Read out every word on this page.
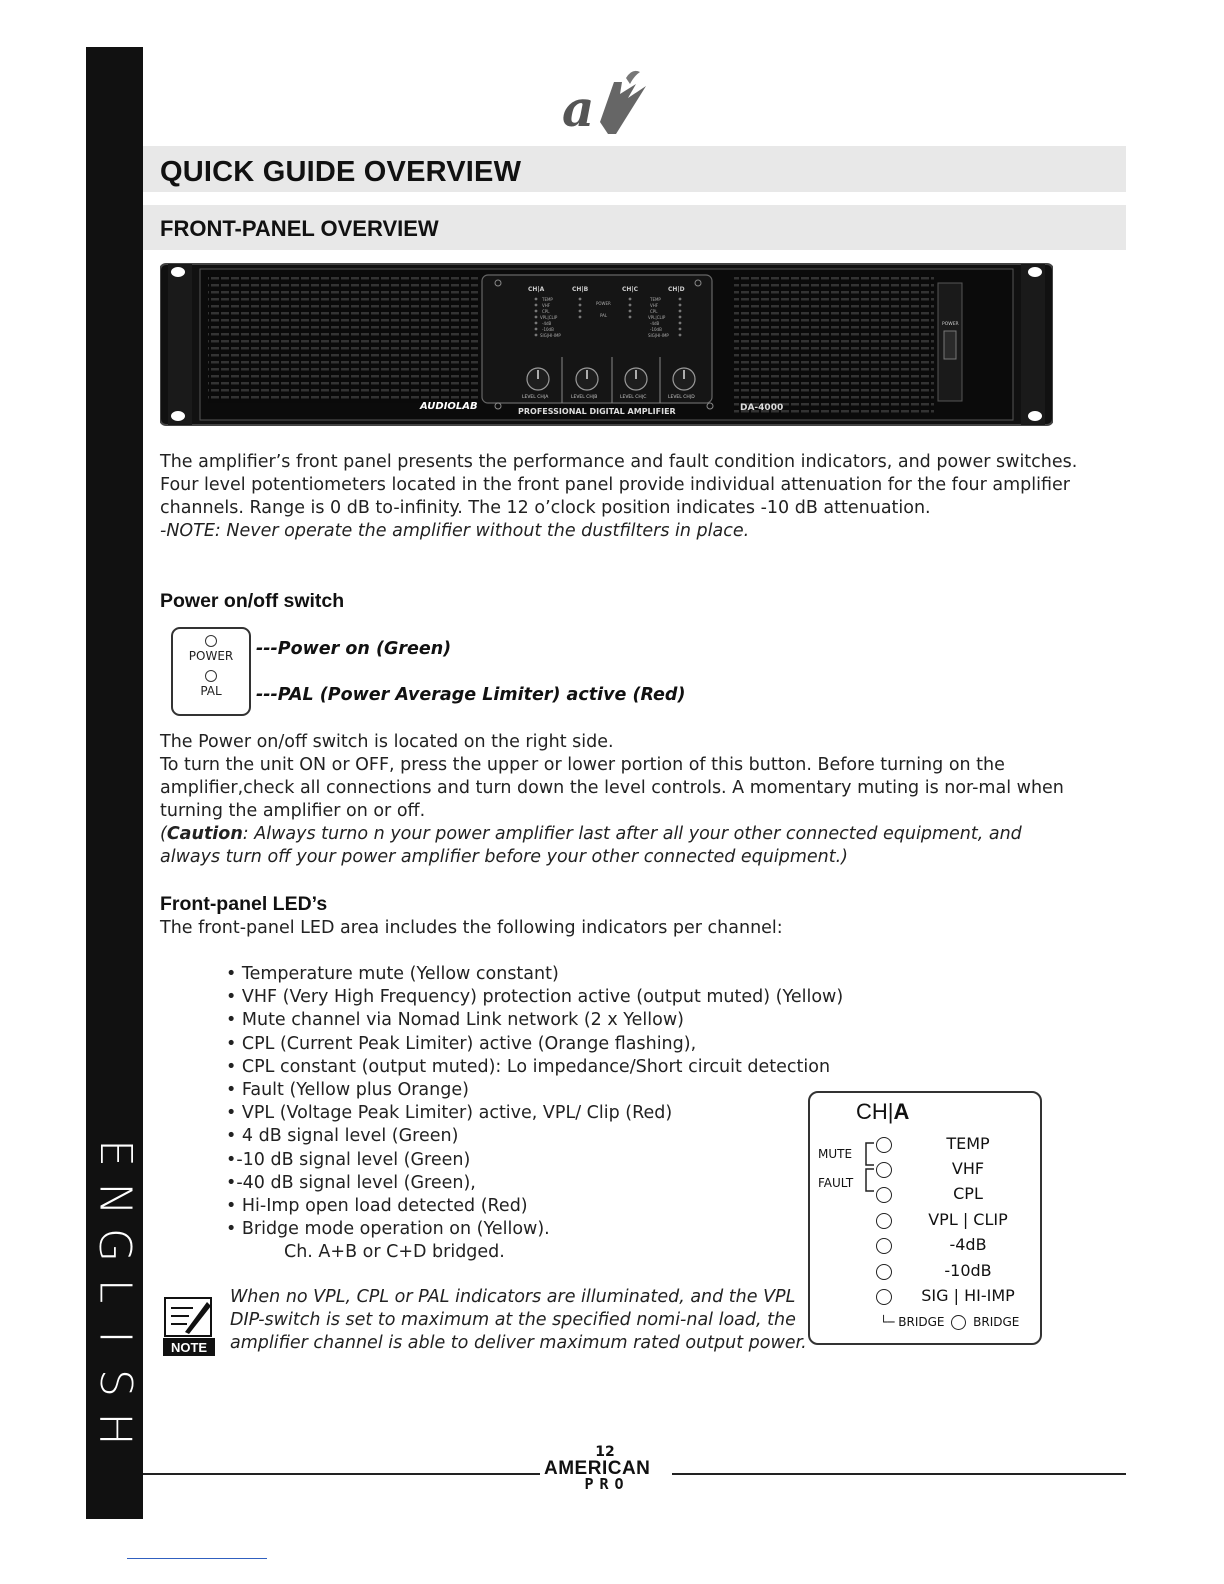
E
N
G
L
I
S
H
a
QUICK GUIDE OVERVIEW
FRONT-PANEL OVERVIEW
CH|A	CH|B	CH|C	CH|D
TEMP
VHF
CPL
VPL|CLIP
-4dB
-10dB
SIG|HI-IMP
TEMP
VHF
CPL
VPL|CLIP
-4dB
-10dB
SIG|HI-IMP
POWER
PAL
LEVEL CH|A	LEVEL CH|B	LEVEL CH|C	LEVEL CH|D
AUDIOLAB	PROFESSIONAL DIGITAL AMPLIFIER	DA-4000
POWER

The amplifier’s front panel presents the performance and fault condition indicators, and power switches.

Four level potentiometers located in the front panel provide individual attenuation for the four amplifier channels. Range is 0 dB to-infinity. The 12 o’clock position indicates -10 dB attenuation.

-NOTE: Never operate the amplifier without the dustfilters in place.

Power on/off switch
POWER
PAL
---Power on (Green)
---PAL (Power Average Limiter) active (Red)

The Power on/off switch is located on the right side.

To turn the unit ON or OFF, press the upper or lower portion of this button. Before turning on the amplifier,check all connections and turn down the level controls. A momentary muting is nor-mal when turning the amplifier on or off.

(Caution: Always turno n your power amplifier last after all your other connected equipment, and always turn off your power amplifier before your other connected equipment.)

Front-panel LED’s
The front-panel LED area includes the following indicators per channel:
• Temperature mute (Yellow constant)
• VHF (Very High Frequency) protection active (output muted) (Yellow)
• Mute channel via Nomad Link network (2 x Yellow)
• CPL (Current Peak Limiter) active (Orange flashing),
• CPL constant (output muted): Lo impedance/Short circuit detection
• Fault (Yellow plus Orange)
• VPL (Voltage Peak Limiter) active, VPL/ Clip (Red)
• 4 dB signal level (Green)
•-10 dB signal level (Green)
•-40 dB signal level (Green),
• Hi-Imp open load detected (Red)
• Bridge mode operation on (Yellow).
Ch. A+B or C+D bridged.
CH|A
MUTE
FAULT
TEMP
VHF
CPL
VPL | CLIP
-4dB
-10dB
SIG | HI-IMP
└─ BRIDGE BRIDGE
NOTE
When no VPL, CPL or PAL indicators are illuminated, and the VPL DIP-switch is set to maximum at the specified nomi-nal load, the amplifier channel is able to deliver maximum rated output power.
12
AMERICAN
PRO
